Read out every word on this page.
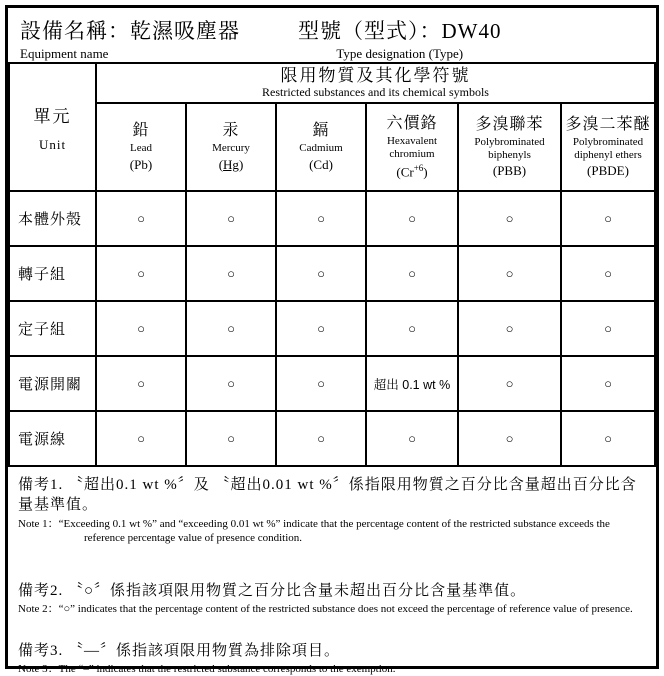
設備名稱：乾濕吸塵器
Equipment name
型號（型式）：DW40
Type designation (Type)
單元
Unit

限用物質及其化學符號
Restricted substances and its chemical symbols

鉛
Lead
(Pb)

汞
Mercury
(Hg)

鎘
Cadmium
(Cd)

六價鉻
Hexavalent chromium
$(Cr^{+6})$

多溴聯苯
Polybrominated biphenyls
(PBB)

多溴二苯醚
Polybrominated diphenyl ethers
(PBDE)

本體外殼	○	○	○	○	○	○
轉子組	○	○	○	○	○	○
定子組	○	○	○	○	○	○
電源開關	○	○	○	超出 0.1 wt %	○	○
電源線	○	○	○	○	○	○
備考1. 〝超出0.1 wt %〞及 〝超出0.01 wt %〞係指限用物質之百分比含量超出百分比含量基準值。
Note 1：“Exceeding 0.1 wt %” and “exceeding 0.01 wt %” indicate that the percentage content of the restricted substance exceeds the reference percentage value of presence condition.
備考2. 〝○〞係指該項限用物質之百分比含量未超出百分比含量基準值。
Note 2：“○” indicates that the percentage content of the restricted substance does not exceed the percentage of reference value of presence.
備考3. 〝—〞係指該項限用物質為排除項目。
Note 3：The “–” indicates that the restricted substance corresponds to the exemption.
